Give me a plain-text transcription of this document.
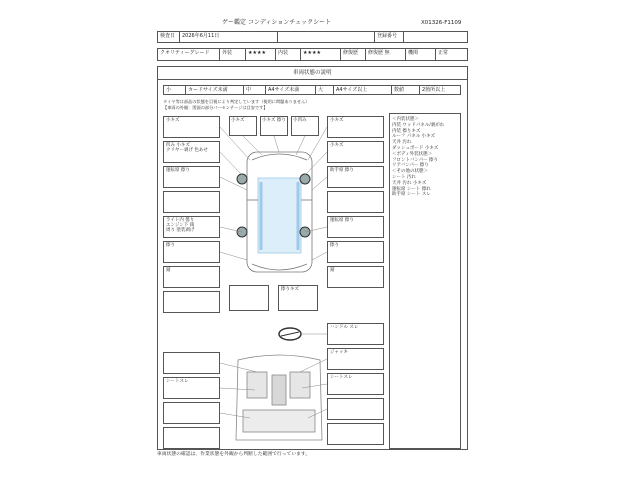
ゲー鑑定 コンディションチェックシート	X01326-F1109
検査日	2026年6月11日	登録番号
クオリティーグレード	外装	★★★★	内装	★★★★	修復歴	修復歴 無	機関	正常
車両状態の説明
小	カードサイズ未満	中	A4サイズ未満	大	A4サイズ以上	数値	2箇所以上
タイヤ等は部品の状態を目視により判定しています（使用に問題ありません）
【車両の外観：図面の部分パーセンテージは目安です】
＜内装状態＞
内装 ウッドパネル/剥がれ
内装 擦りキズ
ルーフ パネル 小キズ
天井 汚れ
ダッシュボード 小キズ
＜ボディ外装状態＞
フロントバンパー 擦り
リアバンパー 擦り
＜その他の状態＞
シート 汚れ
天井 汚れ 小キズ
運転席 シート 擦れ
助手席 シート スレ
小キズ
凹み 小キズ
クリヤー剥げ 色あせ
運転席 擦り
ライト内 曇り
エンジン下 錆
周り 塗装剥げ
擦り
錆
小キズ	小キズ 擦り 小凹み	小キズ
小キズ
助手席 擦り
運転席 擦り
擦り
錆
擦りキズ
シートスレ
ハンドル スレ
ジャッキ
シートスレ
車両状態の確認は、作業状態を外観から判断した範囲で行っています。
